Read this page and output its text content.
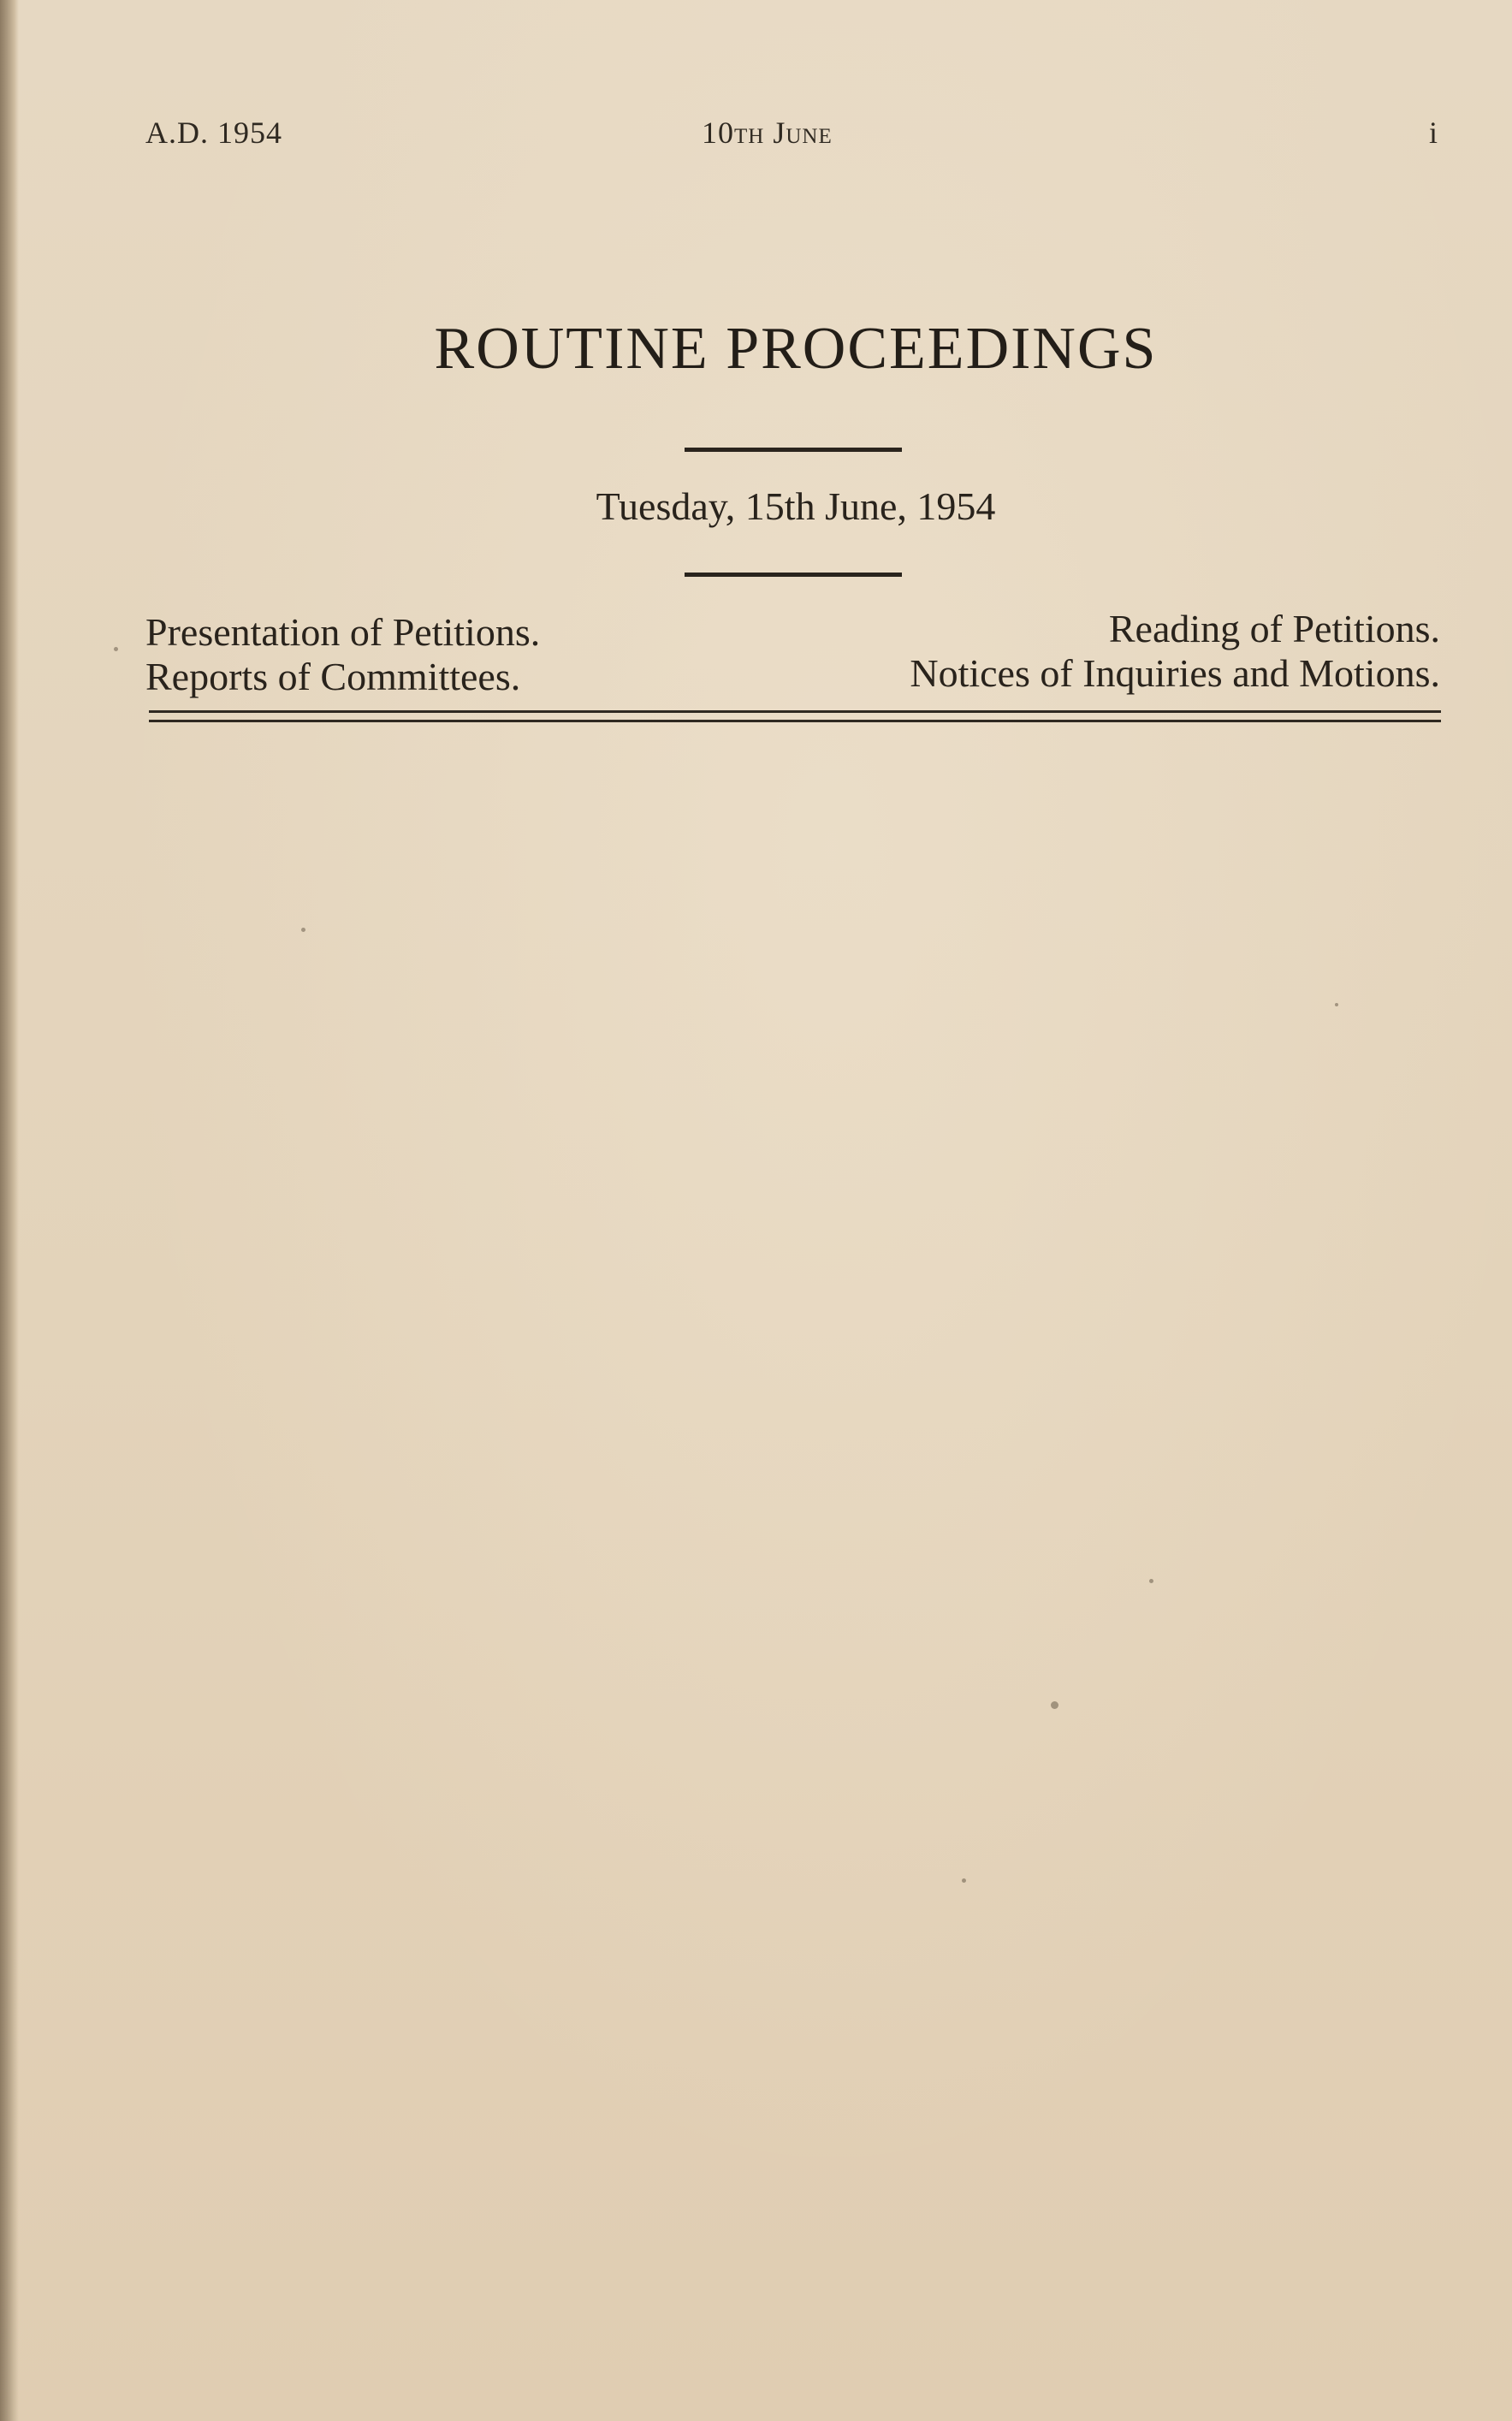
A.D. 1954	10th June	i
ROUTINE PROCEEDINGS
Tuesday, 15th June, 1954
Presentation of Petitions.
Reports of Committees.
Reading of Petitions.
Notices of Inquiries and Motions.
